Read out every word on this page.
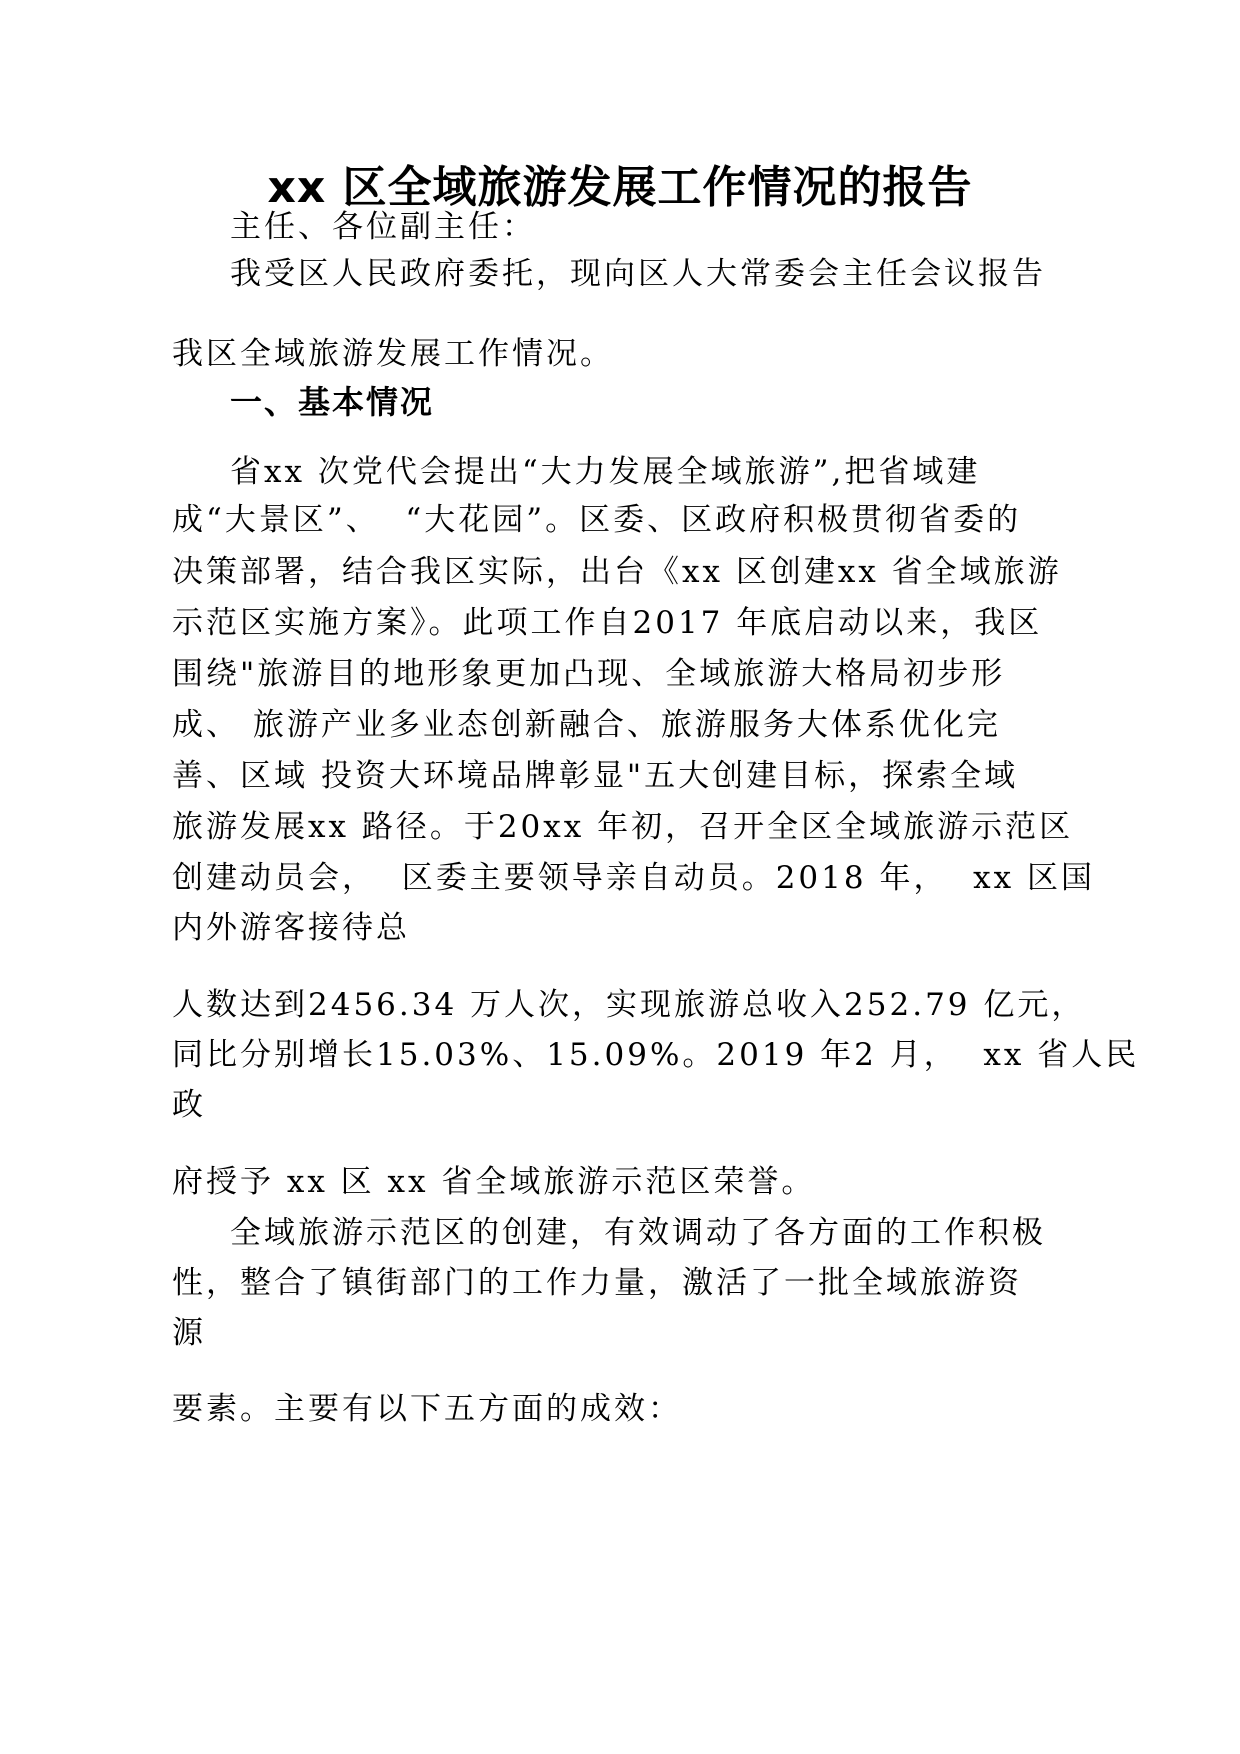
xx 区全域旅游发展工作情况的报告
主任、各位副主任：
我受区人民政府委托，现向区人大常委会主任会议报告
我区全域旅游发展工作情况。
一、基本情况
省xx 次党代会提出“大力发展全域旅游”,把省域建
成“大景区”、  “大花园”。区委、区政府积极贯彻省委的
决策部署，结合我区实际，出台《xx 区创建xx 省全域旅游
示范区实施方案》。此项工作自2017 年底启动以来，我区
围绕"旅游目的地形象更加凸现、全域旅游大格局初步形
成、 旅游产业多业态创新融合、旅游服务大体系优化完
善、区域 投资大环境品牌彰显"五大创建目标，探索全域
旅游发展xx 路径。于20xx 年初，召开全区全域旅游示范区
创建动员会，  区委主要领导亲自动员。2018 年，  xx 区国
内外游客接待总
人数达到2456.34 万人次，实现旅游总收入252.79 亿元，
同比分别增长15.03%、15.09%。2019 年2 月，  xx 省人民
政
府授予 xx 区 xx 省全域旅游示范区荣誉。
全域旅游示范区的创建，有效调动了各方面的工作积极
性，整合了镇街部门的工作力量，激活了一批全域旅游资
源
要素。主要有以下五方面的成效：
